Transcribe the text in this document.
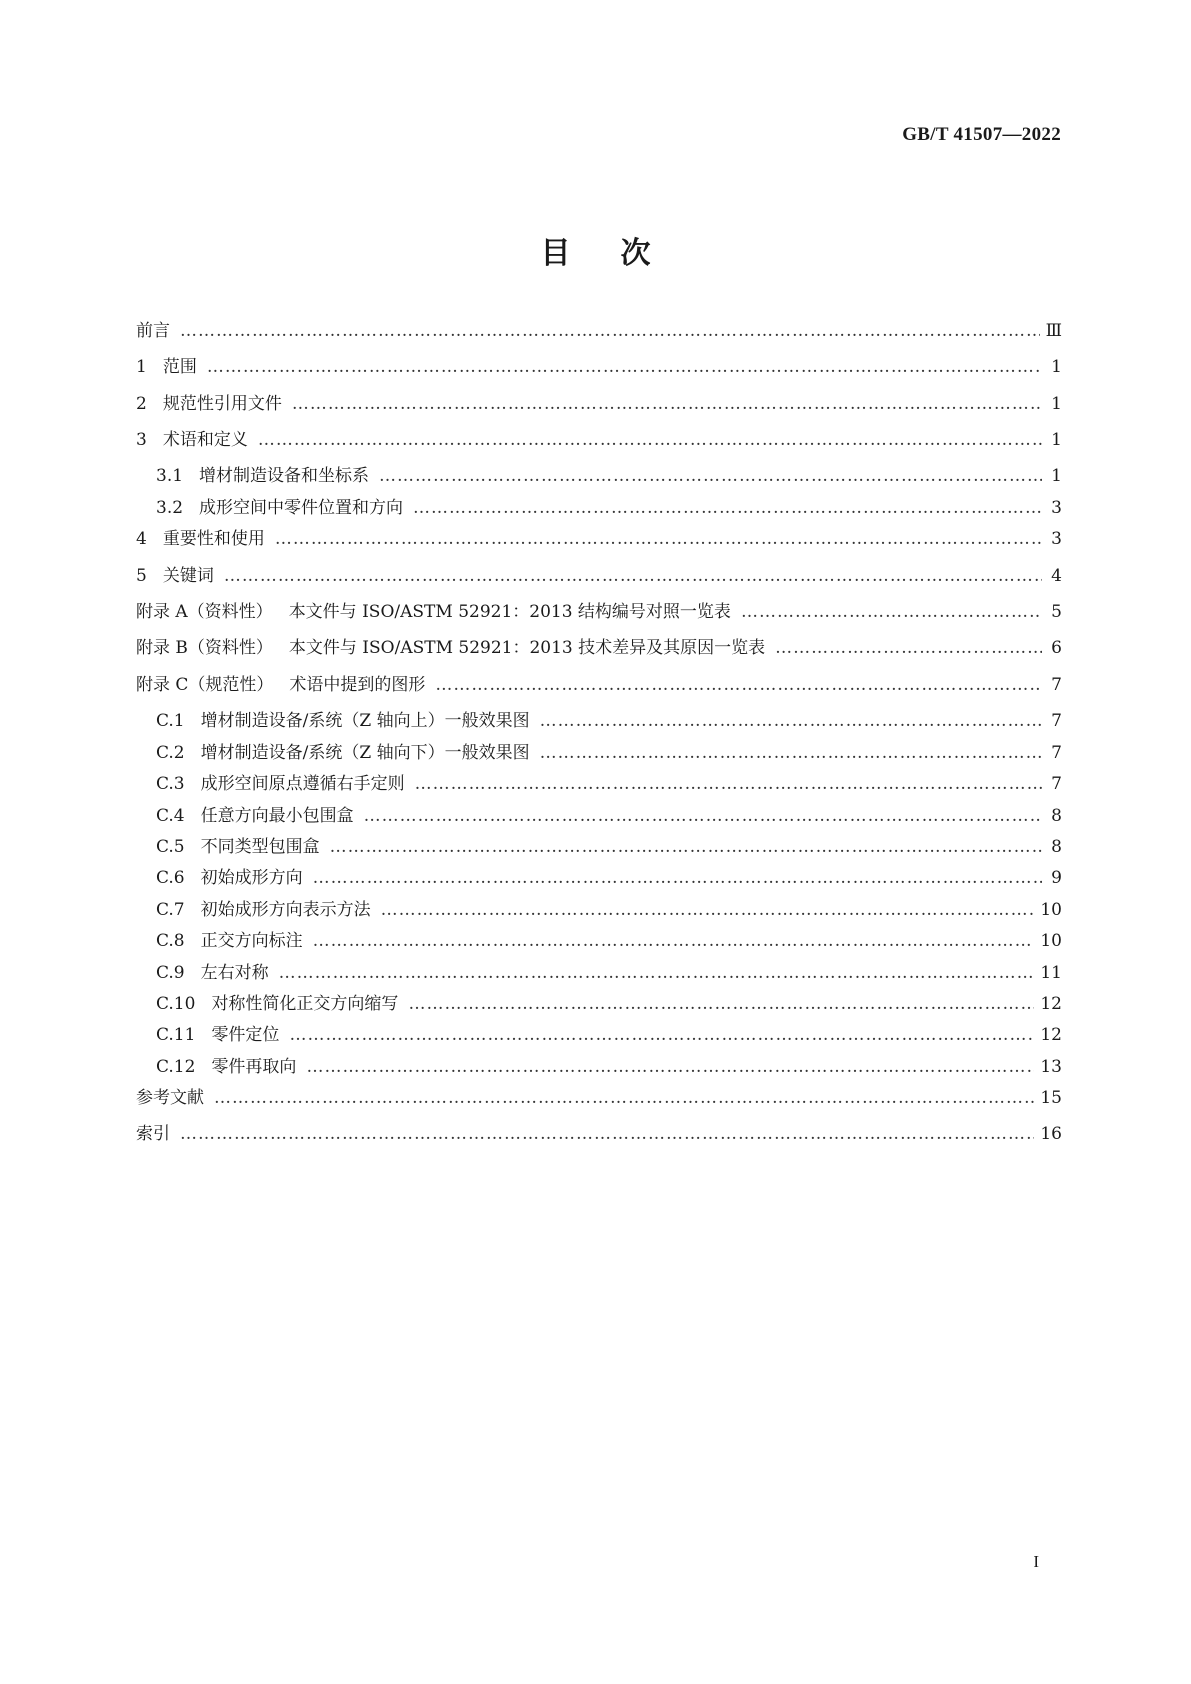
GB/T 41507—2022
目次
前言 ……………………………………………………………………………………………………………………………………………………………………………………………………	Ⅲ
1 范围 ……………………………………………………………………………………………………………………………………………………………………………………………………	1
2 规范性引用文件 ……………………………………………………………………………………………………………………………………………………………………………………………………	1
3 术语和定义 ……………………………………………………………………………………………………………………………………………………………………………………………………	1
3.1 增材制造设备和坐标系 ……………………………………………………………………………………………………………………………………………………………………………………………………	1
3.2 成形空间中零件位置和方向 ……………………………………………………………………………………………………………………………………………………………………………………………………	3
4 重要性和使用 ……………………………………………………………………………………………………………………………………………………………………………………………………	3
5 关键词 ……………………………………………………………………………………………………………………………………………………………………………………………………	4
附录 A（资料性） 本文件与 ISO/ASTM 52921：2013 结构编号对照一览表 ……………………………………………………………………………………………………………………………………………………………………………………………………	5
附录 B（资料性） 本文件与 ISO/ASTM 52921：2013 技术差异及其原因一览表 ……………………………………………………………………………………………………………………………………………………………………………………………………	6
附录 C（规范性） 术语中提到的图形 ……………………………………………………………………………………………………………………………………………………………………………………………………	7
C.1 增材制造设备/系统（Z 轴向上）一般效果图 ……………………………………………………………………………………………………………………………………………………………………………………………………	7
C.2 增材制造设备/系统（Z 轴向下）一般效果图 ……………………………………………………………………………………………………………………………………………………………………………………………………	7
C.3 成形空间原点遵循右手定则 ……………………………………………………………………………………………………………………………………………………………………………………………………	7
C.4 任意方向最小包围盒 ……………………………………………………………………………………………………………………………………………………………………………………………………	8
C.5 不同类型包围盒 ……………………………………………………………………………………………………………………………………………………………………………………………………	8
C.6 初始成形方向 ……………………………………………………………………………………………………………………………………………………………………………………………………	9
C.7 初始成形方向表示方法 ……………………………………………………………………………………………………………………………………………………………………………………………………	10
C.8 正交方向标注 ……………………………………………………………………………………………………………………………………………………………………………………………………	10
C.9 左右对称 ……………………………………………………………………………………………………………………………………………………………………………………………………	11
C.10 对称性简化正交方向缩写 ……………………………………………………………………………………………………………………………………………………………………………………………………	12
C.11 零件定位 ……………………………………………………………………………………………………………………………………………………………………………………………………	12
C.12 零件再取向 ……………………………………………………………………………………………………………………………………………………………………………………………………	13
参考文献 ……………………………………………………………………………………………………………………………………………………………………………………………………	15
索引 ……………………………………………………………………………………………………………………………………………………………………………………………………	16
I
